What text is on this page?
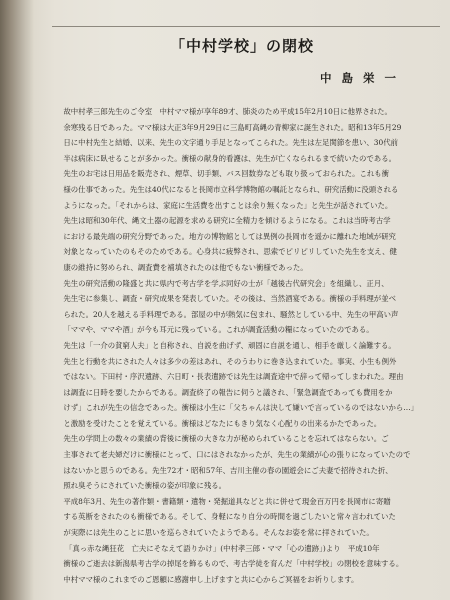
「中村学校」の閉校
中 島 栄 一

故中村孝三郎先生のご令室　中村ママ様が享年89才、肺炎のため平成15年2月10日に他界された。

余寒残る日であった。ママ様は大正3年9月29日に三島町高縄の青柳家に誕生された。昭和13年5月29

日に中村先生と結婚、以来、先生の文字通り手足となってこられた。先生は左足関節を患い、30代前

半は病床に臥せることが多かった。衝様の献身的看護は、先生が亡くなられるまで続いたのである。

先生のお宅は日用品を販売され、煙草、切手類、バス回数券なども取り扱っておられた。これも衝

様の仕事であった。先生は40代になると長岡市立科学博物館の嘱託となられ、研究活動に没頭される

ようになった。「それからは、家庭に生活費を出すことは余り無くなった」と先生が話されていた。

先生は昭和30年代、縄文土器の起源を求める研究に全精力を傾けるようになる。これは当時考古学

における最先端の研究分野であった。地方の博物館としては異例の長岡市を遥かに離れた地域が研究

対象となっていたのもそのためである。心身共に疲弊され、思索でピリピリしていた先生を支え、健

康の維持に努められ、調査費を補填されたのは他でもない衝様であった。

先生の研究活動の隆盛と共に県内で考古学を学ぶ同好の士が「越後古代研究会」を組織し、正月、

先生宅に参集し、調査・研究成果を発表していた。その後は、当然酒宴である。衝様の手料理が並べ

られた。20人を越える手料理である。部屋の中が熱気に包まれ、騒然としている中、先生の甲高い声

「ママや、ママや酒」が今も耳元に残っている。これが調査活動の糧になっていたのである。

先生は「一介の貧窮人夫」と自称され、自説を曲げず、頑固に自説を通し、相手を厳しく論難する。

先生と行動を共にされた人々は多少の差はあれ、そのうわりに巻き込まれていた。事実、小生も例外

ではない。下田村・序沢遺跡、六日町・長表遺跡では先生は調査途中で辞って帰ってしまわれた。理由

は調査に日時を要したからである。調査終了の報告に伺うと議され、「緊急調査であっても費用をか

けず」これが先生の信念であった。衝様は小生に「父ちゃんは決して嫌いで言っているのではないから…」

と激励を受けたことを覚えている。衝様はどなたにもきり気なく心配りの出来るかたであった。

先生の学問上の数々の業績の背後に衝様の大きな力が秘められていることを忘れてはならない。ご

主事されて老夫婦だけに衝様にとって、口にはされなかったが、先生の業績が心の張りになっていたので

はないかと思うのである。先生72才・昭和57年、吉川主催の春の園遊会にご夫妻で招待された折、

照れ臭そうにされていた衝様の姿が印象に残る。

平成8年3月、先生の著作類・書籍類・遺物・発掘道具などと共に併せて現金百万円を長岡市に寄贈

する英断をされたのも衝様である。そして、身軽になり自分の時間を過ごしたいと常々言われていた

が実際には先生のことに思いを巡らされていたようである。そんなお姿を常に拝されていた。

「真っ赤な縄狂花　亡夫にそなえて語りかけ」(中村孝三郎・ママ「心の遺跡」)より　平成10年

衝様のご逝去は新潟県考古学の掉尾を飾るもので、考古学徒を育んだ「中村学校」の閉校を意味する。

中村ママ様のこれまでのご恩顧に感謝申し上げますと共に心からご冥福をお祈りします。
